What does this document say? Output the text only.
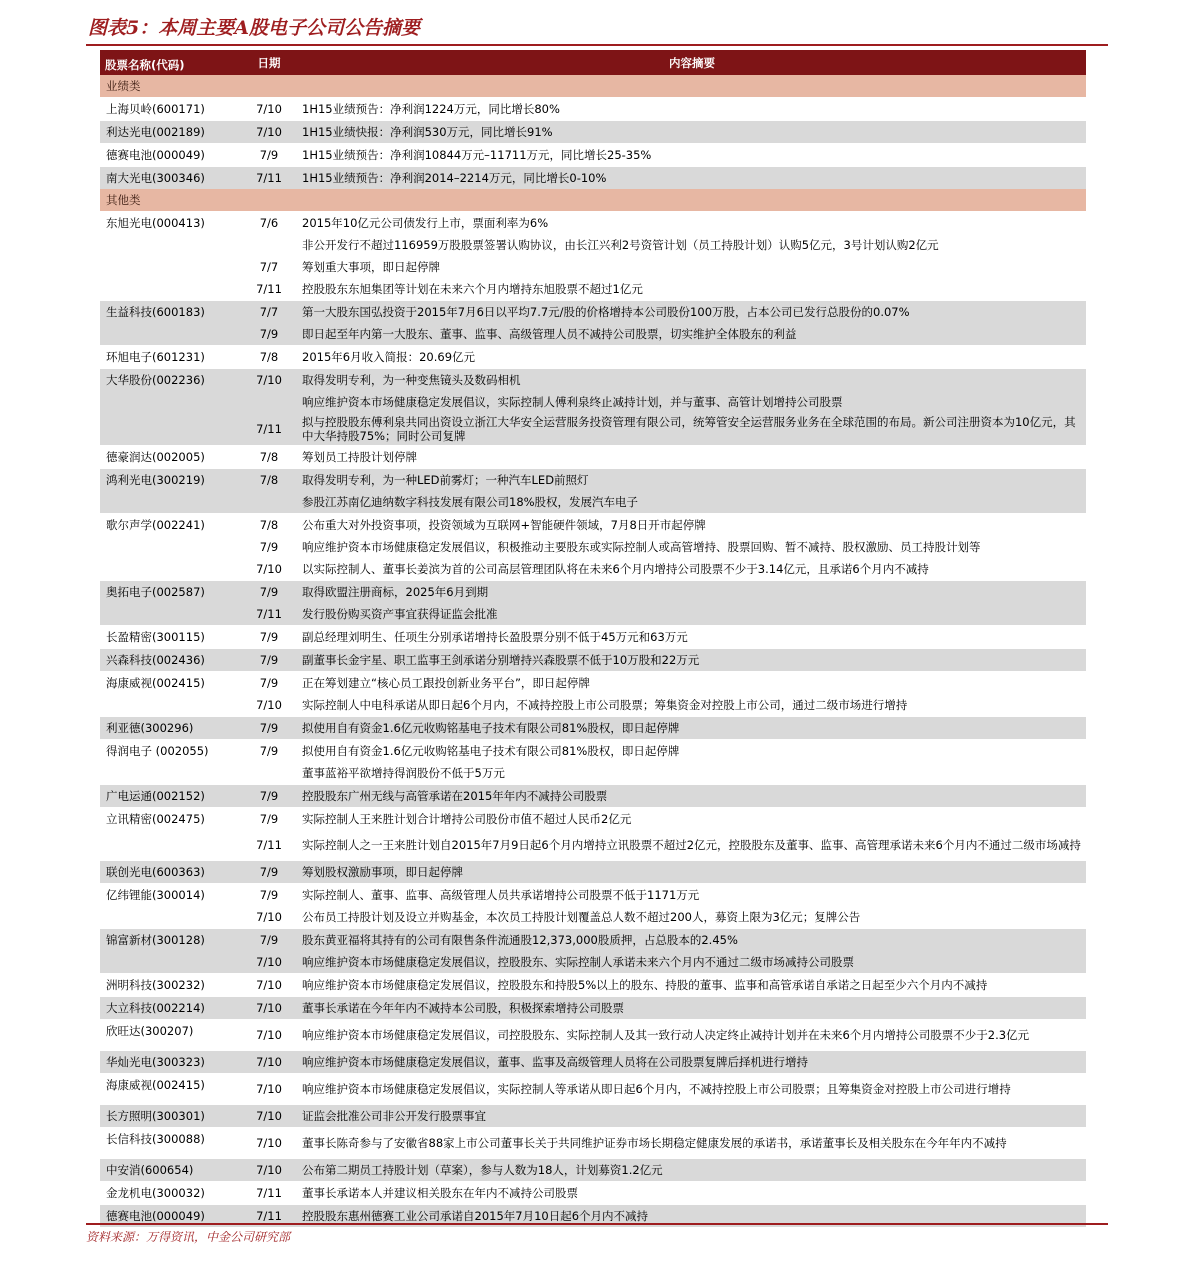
图表5：本周主要A股电子公司公告摘要
股票名称(代码)	日期	内容摘要
业绩类
上海贝岭(600171)	7/10	1H15业绩预告：净利润1224万元，同比增长80%
利达光电(002189)	7/10	1H15业绩快报：净利润530万元，同比增长91%
德赛电池(000049)	7/9	1H15业绩预告：净利润10844万元–11711万元，同比增长25-35%
南大光电(300346)	7/11	1H15业绩预告：净利润2014–2214万元，同比增长0-10%
其他类
东旭光电(000413)	7/6	2015年10亿元公司债发行上市，票面利率为6%
非公开发行不超过116959万股股票签署认购协议，由长江兴利2号资管计划（员工持股计划）认购5亿元，3号计划认购2亿元
7/7	筹划重大事项，即日起停牌
7/11	控股股东东旭集团等计划在未来六个月内增持东旭股票不超过1亿元
生益科技(600183)	7/7	第一大股东国弘投资于2015年7月6日以平均7.7元/股的价格增持本公司股份100万股，占本公司已发行总股份的0.07%
7/9	即日起至年内第一大股东、董事、监事、高级管理人员不减持公司股票，切实维护全体股东的利益
环旭电子(601231)	7/8	2015年6月收入简报：20.69亿元
大华股份(002236)	7/10	取得发明专利，为一种变焦镜头及数码相机
响应维护资本市场健康稳定发展倡议，实际控制人傅利泉终止减持计划，并与董事、高管计划增持公司股票
7/11	拟与控股股东傅利泉共同出资设立浙江大华安全运营服务投资管理有限公司，统筹管安全运营服务业务在全球范围的布局。新公司注册资本为10亿元，其中大华持股75%；同时公司复牌
德豪润达(002005)	7/8	筹划员工持股计划停牌
鸿利光电(300219)	7/8	取得发明专利，为一种LED前雾灯；一种汽车LED前照灯
参股江苏南亿迪纳数字科技发展有限公司18%股权，发展汽车电子
歌尔声学(002241)	7/8	公布重大对外投资事项，投资领域为互联网+智能硬件领域，7月8日开市起停牌
7/9	响应维护资本市场健康稳定发展倡议，积极推动主要股东或实际控制人或高管增持、股票回购、暂不减持、股权激励、员工持股计划等
7/10	以实际控制人、董事长姜滨为首的公司高层管理团队将在未来6个月内增持公司股票不少于3.14亿元，且承诺6个月内不减持
奥拓电子(002587)	7/9	取得欧盟注册商标，2025年6月到期
7/11	发行股份购买资产事宜获得证监会批准
长盈精密(300115)	7/9	副总经理刘明生、任项生分别承诺增持长盈股票分别不低于45万元和63万元
兴森科技(002436)	7/9	副董事长金宇星、职工监事王剑承诺分别增持兴森股票不低于10万股和22万元
海康威视(002415)	7/9	正在筹划建立“核心员工跟投创新业务平台”，即日起停牌
7/10	实际控制人中电科承诺从即日起6个月内，不减持控股上市公司股票；筹集资金对控股上市公司，通过二级市场进行增持
利亚德(300296)	7/9	拟使用自有资金1.6亿元收购铭基电子技术有限公司81%股权，即日起停牌
得润电子 (002055)	7/9	拟使用自有资金1.6亿元收购铭基电子技术有限公司81%股权，即日起停牌
董事蓝裕平欲增持得润股份不低于5万元
广电运通(002152)	7/9	控股股东广州无线与高管承诺在2015年年内不减持公司股票
立讯精密(002475)	7/9	实际控制人王来胜计划合计增持公司股份市值不超过人民币2亿元
7/11	实际控制人之一王来胜计划自2015年7月9日起6个月内增持立讯股票不超过2亿元，控股股东及董事、监事、高管理承诺未来6个月内不通过二级市场减持
联创光电(600363)	7/9	筹划股权激励事项，即日起停牌
亿纬锂能(300014)	7/9	实际控制人、董事、监事、高级管理人员共承诺增持公司股票不低于1171万元
7/10	公布员工持股计划及设立并购基金，本次员工持股计划覆盖总人数不超过200人，募资上限为3亿元；复牌公告
锦富新材(300128)	7/9	股东黄亚福将其持有的公司有限售条件流通股12,373,000股质押，占总股本的2.45%
7/10	响应维护资本市场健康稳定发展倡议，控股股东、实际控制人承诺未来六个月内不通过二级市场减持公司股票
洲明科技(300232)	7/10	响应维护资本市场健康稳定发展倡议，控股股东和持股5%以上的股东、持股的董事、监事和高管承诺自承诺之日起至少六个月内不减持
大立科技(002214)	7/10	董事长承诺在今年年内不减持本公司股，积极探索增持公司股票
欣旺达(300207)	7/10	响应维护资本市场健康稳定发展倡议，司控股股东、实际控制人及其一致行动人决定终止减持计划并在未来6个月内增持公司股票不少于2.3亿元
华灿光电(300323)	7/10	响应维护资本市场健康稳定发展倡议，董事、监事及高级管理人员将在公司股票复牌后择机进行增持
海康威视(002415)	7/10	响应维护资本市场健康稳定发展倡议，实际控制人等承诺从即日起6个月内，不减持控股上市公司股票；且筹集资金对控股上市公司进行增持
长方照明(300301)	7/10	证监会批准公司非公开发行股票事宜
长信科技(300088)	7/10	董事长陈奇参与了安徽省88家上市公司董事长关于共同维护证券市场长期稳定健康发展的承诺书，承诺董事长及相关股东在今年年内不减持
中安消(600654)	7/10	公布第二期员工持股计划（草案），参与人数为18人，计划募资1.2亿元
金龙机电(300032)	7/11	董事长承诺本人并建议相关股东在年内不减持公司股票
德赛电池(000049)	7/11	控股股东惠州德赛工业公司承诺自2015年7月10日起6个月内不减持
资料来源：万得资讯，中金公司研究部
